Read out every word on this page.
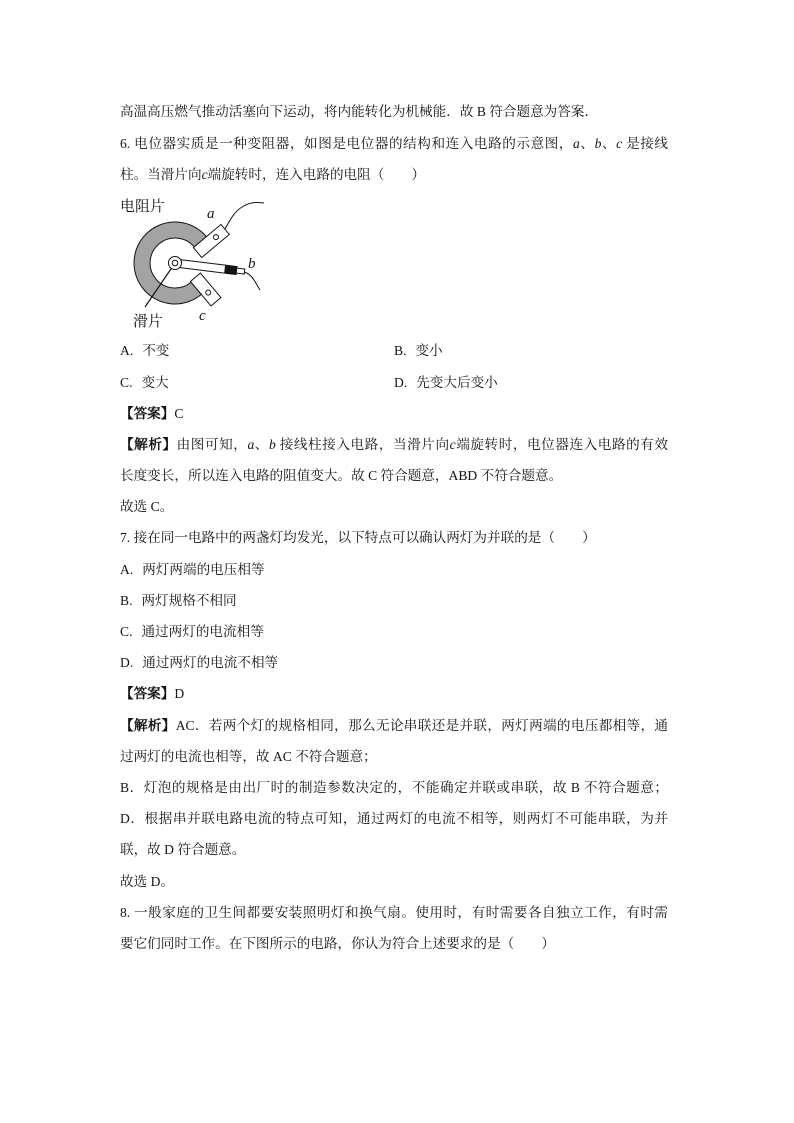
高温高压燃气推动活塞向下运动，将内能转化为机械能．故 B 符合题意为答案．
6. 电位器实质是一种变阻器，如图是电位器的结构和连入电路的示意图，a、b、c 是接线
柱。当滑片向c端旋转时，连入电路的电阻（　　）
电阻片
滑片
a
b
c
A. 不变	B. 变小
C. 变大	D. 先变大后变小
【答案】C
【解析】由图可知，a、b 接线柱接入电路，当滑片向c端旋转时，电位器连入电路的有效
长度变长，所以连入电路的阻值变大。故 C 符合题意，ABD 不符合题意。
故选 C。
7. 接在同一电路中的两盏灯均发光，以下特点可以确认两灯为并联的是（　　）
A. 两灯两端的电压相等
B. 两灯规格不相同
C. 通过两灯的电流相等
D. 通过两灯的电流不相等
【答案】D
【解析】AC．若两个灯的规格相同，那么无论串联还是并联，两灯两端的电压都相等，通
过两灯的电流也相等，故 AC 不符合题意；
B．灯泡的规格是由出厂时的制造参数决定的，不能确定并联或串联，故 B 不符合题意；
D．根据串并联电路电流的特点可知，通过两灯的电流不相等，则两灯不可能串联，为并
联，故 D 符合题意。
故选 D。
8. 一般家庭的卫生间都要安装照明灯和换气扇。使用时，有时需要各自独立工作，有时需
要它们同时工作。在下图所示的电路，你认为符合上述要求的是（　　）
